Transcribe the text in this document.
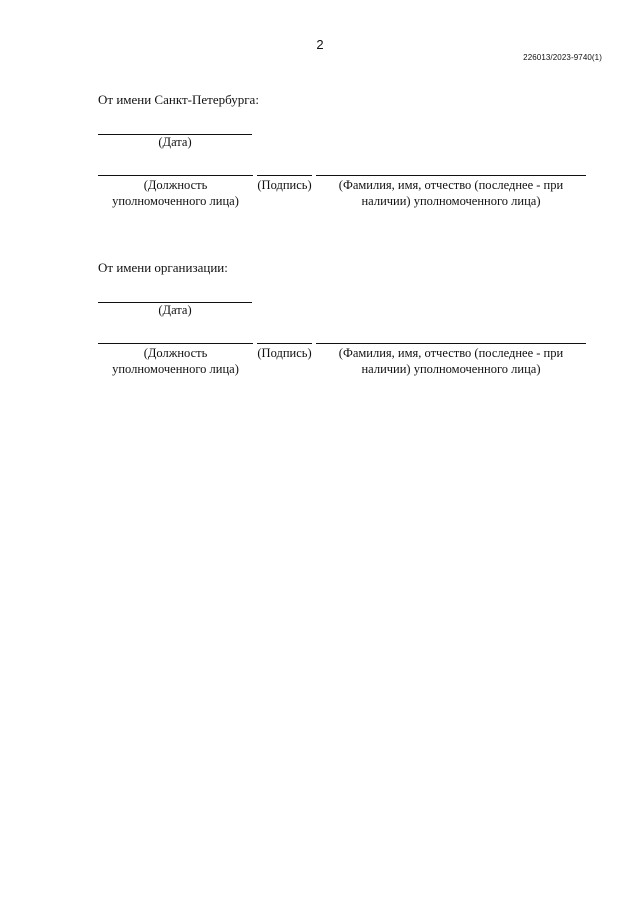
2
226013/2023-9740(1)
От имени Санкт-Петербурга:
(Дата)
(Должность уполномоченного лица)
(Подпись)	(Фамилия, имя, отчество (последнее - при наличии) уполномоченного лица)
От имени организации:
(Дата)
(Должность уполномоченного лица)
(Подпись)	(Фамилия, имя, отчество (последнее - при наличии) уполномоченного лица)
